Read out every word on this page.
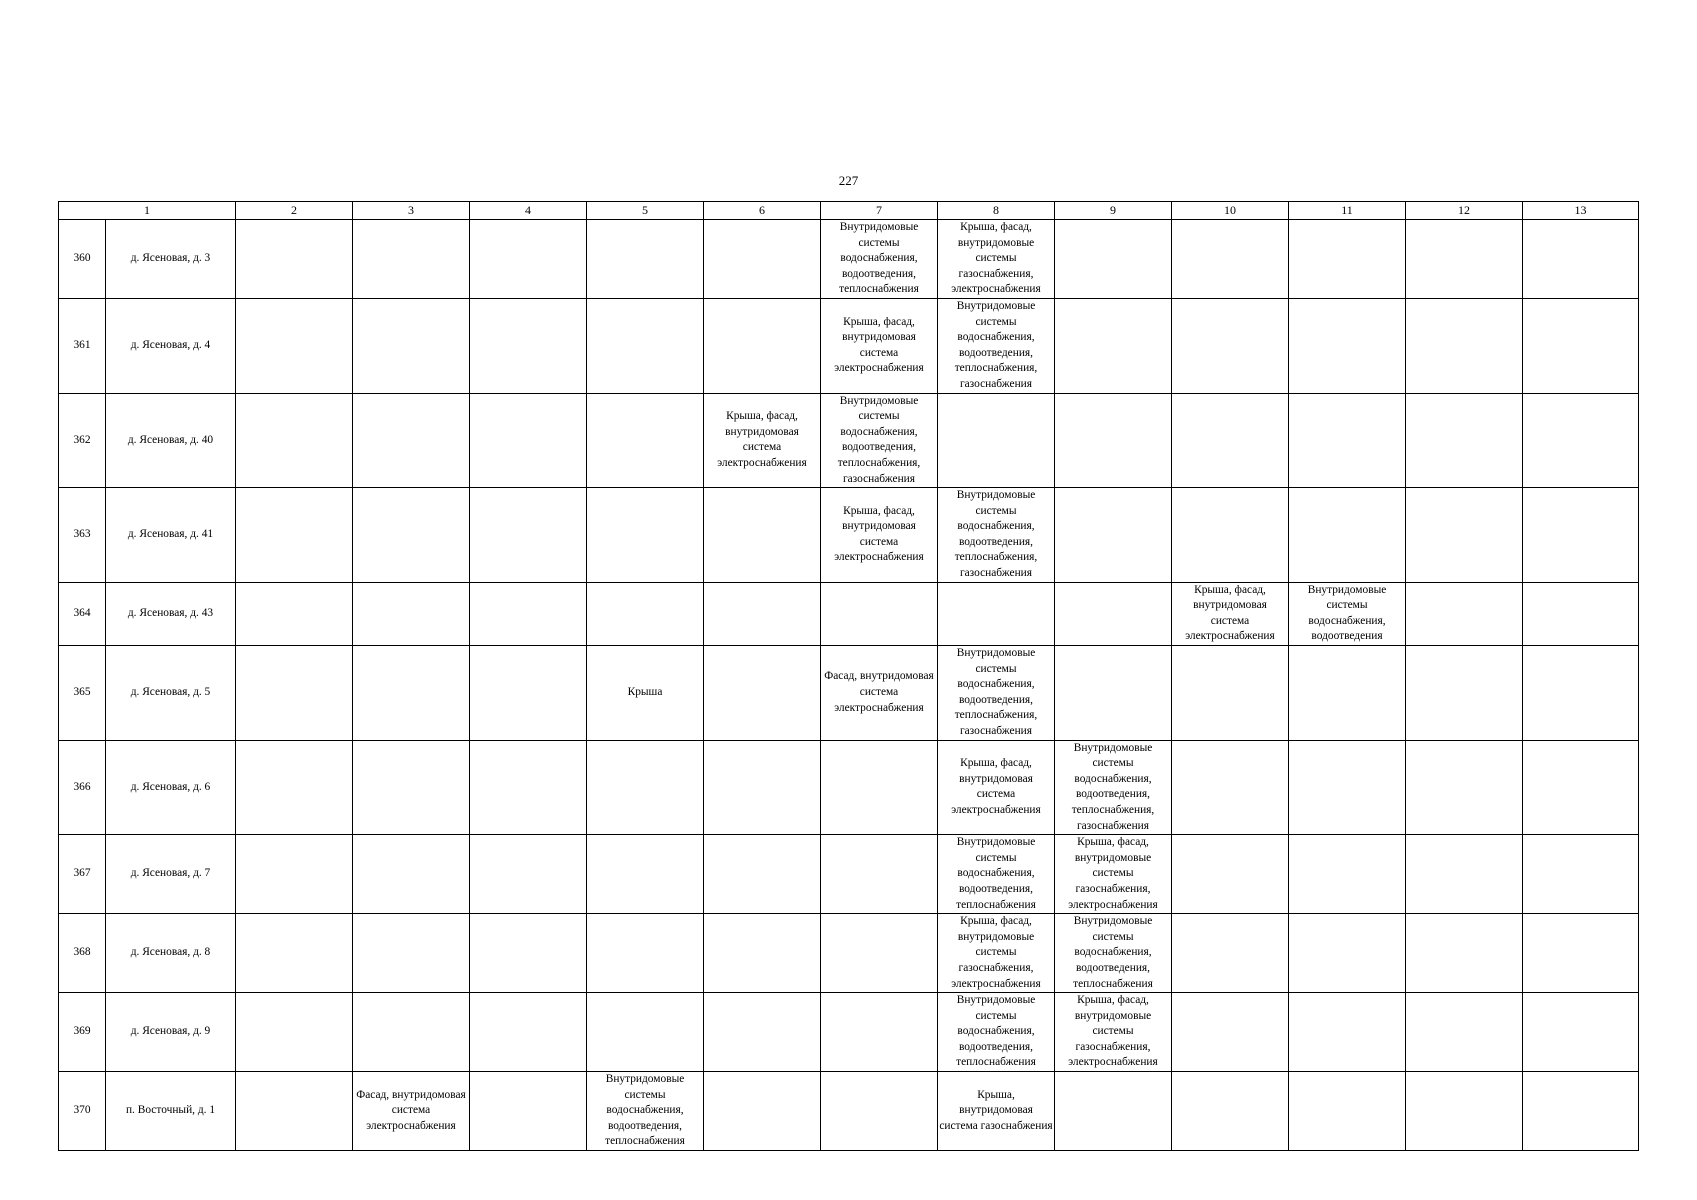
227
1		2	3	4	5	6	7	8	9	10	11	12	13
360	д. Ясеновая, д. 3						Внутридомовые системы водоснабжения, водоотведения, теплоснабжения	Крыша, фасад, внутридомовые системы газоснабжения, электроснабжения					
361	д. Ясеновая, д. 4						Крыша, фасад, внутридомовая система электроснабжения	Внутридомовые системы водоснабжения, водоотведения, теплоснабжения, газоснабжения					
362	д. Ясеновая, д. 40					Крыша, фасад, внутридомовая система электроснабжения	Внутридомовые системы водоснабжения, водоотведения, теплоснабжения, газоснабжения						
363	д. Ясеновая, д. 41						Крыша, фасад, внутридомовая система электроснабжения	Внутридомовые системы водоснабжения, водоотведения, теплоснабжения, газоснабжения					
364	д. Ясеновая, д. 43									Крыша, фасад, внутридомовая система электроснабжения	Внутридомовые системы водоснабжения, водоотведения		
365	д. Ясеновая, д. 5				Крыша		Фасад, внутридомовая система электроснабжения	Внутридомовые системы водоснабжения, водоотведения, теплоснабжения, газоснабжения					
366	д. Ясеновая, д. 6							Крыша, фасад, внутридомовая система электроснабжения	Внутридомовые системы водоснабжения, водоотведения, теплоснабжения, газоснабжения				
367	д. Ясеновая, д. 7							Внутридомовые системы водоснабжения, водоотведения, теплоснабжения	Крыша, фасад, внутридомовые системы газоснабжения, электроснабжения				
368	д. Ясеновая, д. 8							Крыша, фасад, внутридомовые системы газоснабжения, электроснабжения	Внутридомовые системы водоснабжения, водоотведения, теплоснабжения				
369	д. Ясеновая, д. 9							Внутридомовые системы водоснабжения, водоотведения, теплоснабжения	Крыша, фасад, внутридомовые системы газоснабжения, электроснабжения				
370	п. Восточный, д. 1		Фасад, внутридомовая система электроснабжения		Внутридомовые системы водоснабжения, водоотведения, теплоснабжения			Крыша, внутридомовая система газоснабжения					
